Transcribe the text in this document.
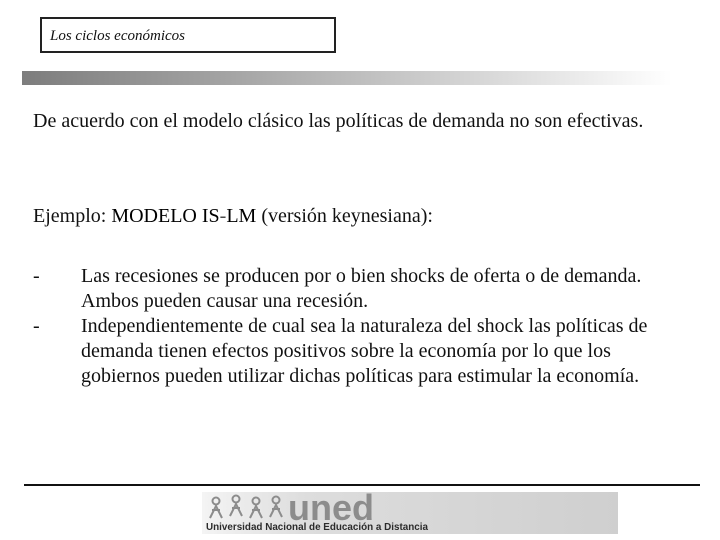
Los ciclos económicos

De acuerdo con el modelo clásico las políticas de demanda no son efectivas.

Ejemplo: MODELO IS-LM (versión keynesiana):

- Las recesiones se producen por o bien shocks de oferta o de demanda. Ambos pueden causar una recesión.
- Independientemente de cual sea la naturaleza del shock las políticas de demanda tienen efectos positivos sobre la economía por lo que los gobiernos pueden utilizar dichas políticas para estimular la economía.
uned
Universidad Nacional de Educación a Distancia
